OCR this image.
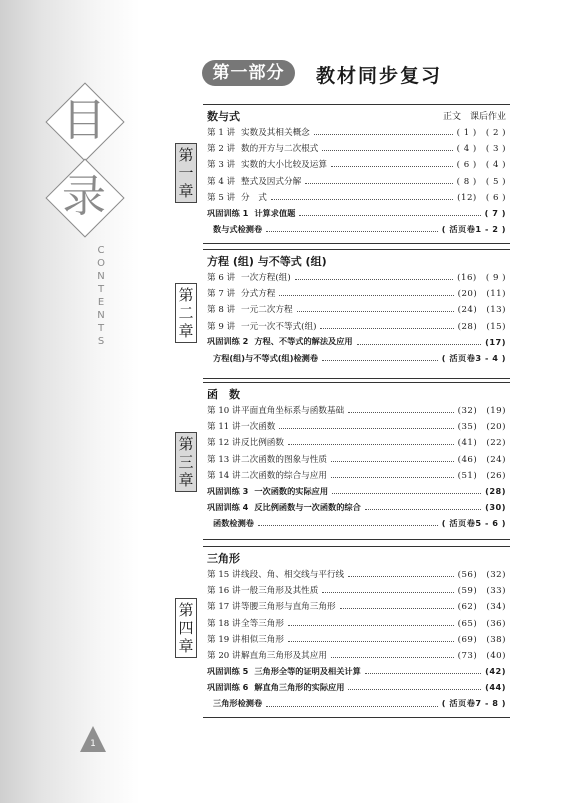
目
录
C
O
N
T
E
N
T
S
1
第一部分	教材同步复习
数与式	正文　课后作业
第 1 讲 实数及其相关概念	( 1 )　( 2 )
第 2 讲 数的开方与二次根式	( 4 )　( 3 )
第 3 讲 实数的大小比较及运算	( 6 )　( 4 )
第 4 讲 整式及因式分解	( 8 )　( 5 )
第 5 讲 分　式	(12)　( 6 )
巩固训练 1 计算求值题	( 7 )
数与式检测卷	( 活页卷1 - 2 )
第
一
章
方程 (组) 与不等式 (组)
第 6 讲 一次方程(组)	(16)　( 9 )
第 7 讲 分式方程	(20)　(11)
第 8 讲 一元二次方程	(24)　(13)
第 9 讲 一元一次不等式(组)	(28)　(15)
巩固训练 2 方程、不等式的解法及应用	(17)
方程(组)与不等式(组)检测卷	( 活页卷3 - 4 )
第
二
章
函　数
第 10 讲 平面直角坐标系与函数基础	(32)　(19)
第 11 讲 一次函数	(35)　(20)
第 12 讲 反比例函数	(41)　(22)
第 13 讲 二次函数的图象与性质	(46)　(24)
第 14 讲 二次函数的综合与应用	(51)　(26)
巩固训练 3 一次函数的实际应用	(28)
巩固训练 4 反比例函数与一次函数的综合	(30)
函数检测卷	( 活页卷5 - 6 )
第
三
章
三角形
第 15 讲 线段、角、相交线与平行线	(56)　(32)
第 16 讲 一般三角形及其性质	(59)　(33)
第 17 讲 等腰三角形与直角三角形	(62)　(34)
第 18 讲 全等三角形	(65)　(36)
第 19 讲 相似三角形	(69)　(38)
第 20 讲 解直角三角形及其应用	(73)　(40)
巩固训练 5 三角形全等的证明及相关计算	(42)
巩固训练 6 解直角三角形的实际应用	(44)
三角形检测卷	( 活页卷7 - 8 )
第
四
章
